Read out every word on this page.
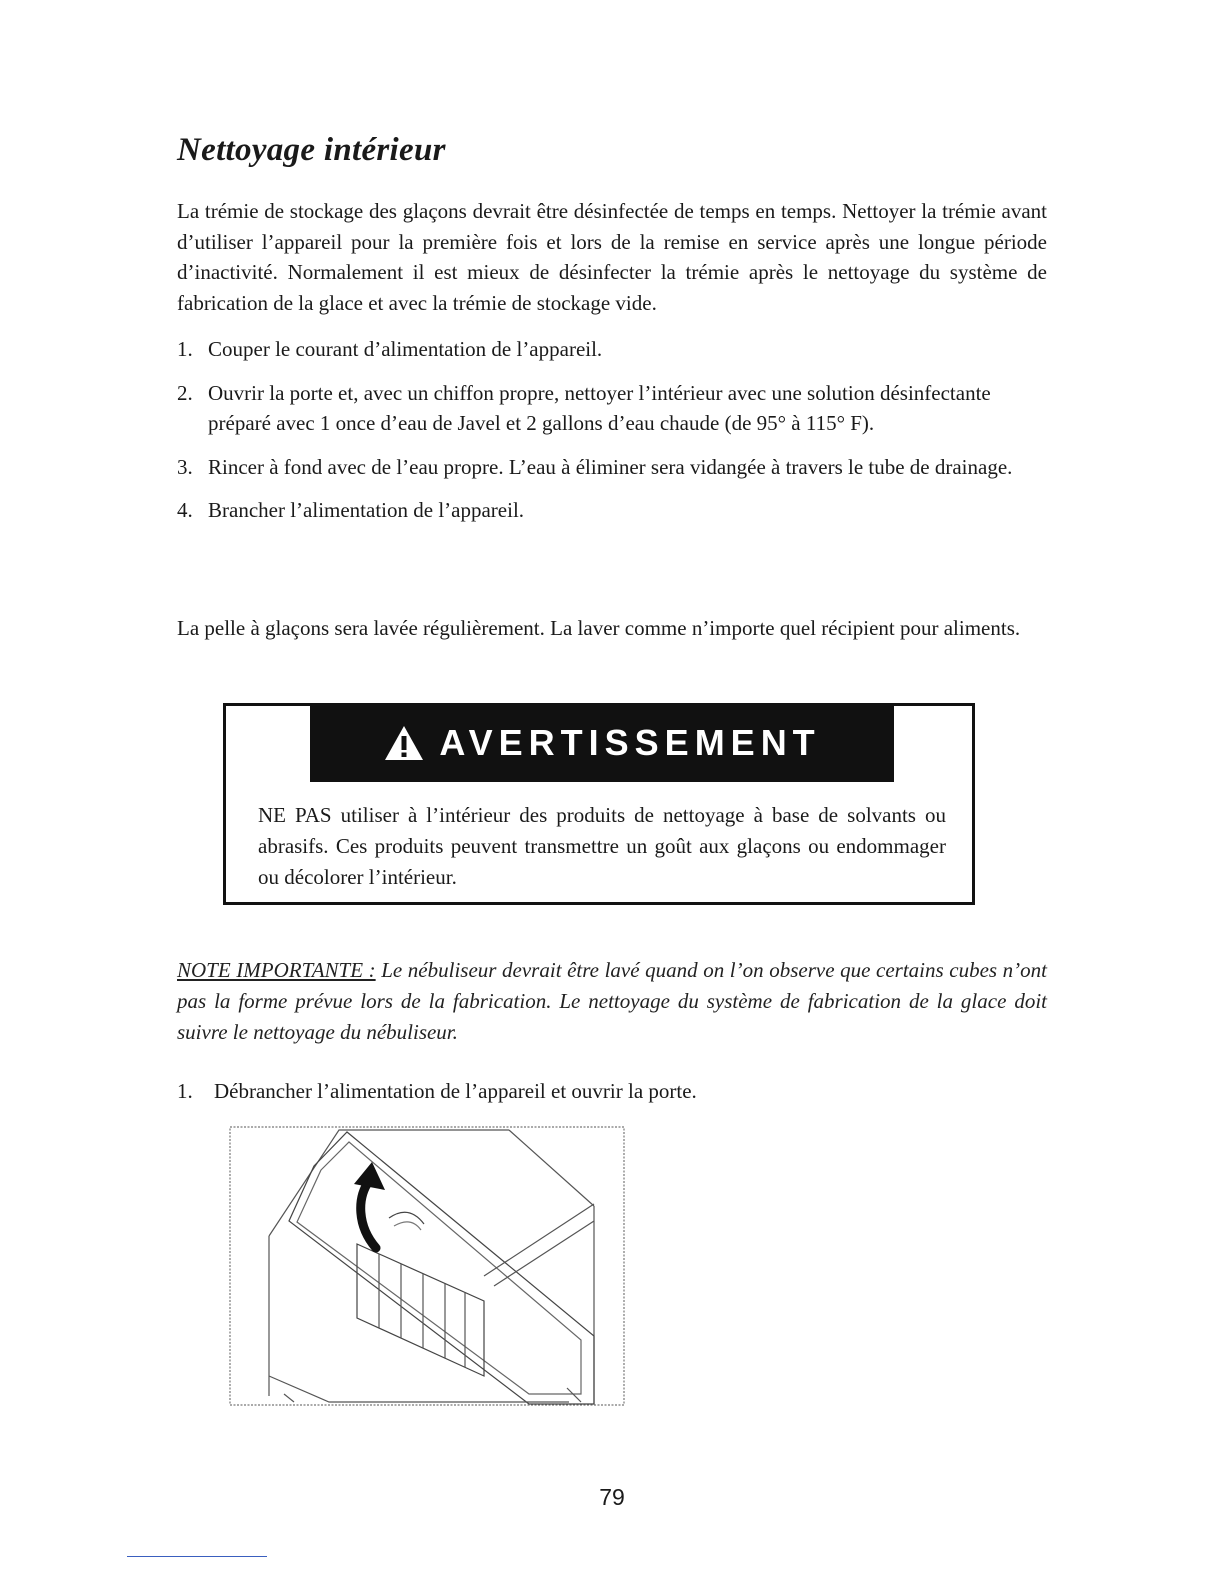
Nettoyage intérieur

La trémie de stockage des glaçons devrait être désinfectée de temps en temps. Nettoyer la trémie avant d’utiliser l’appareil pour la première fois et lors de la remise en service après une longue période d’inactivité. Normalement il est mieux de désinfecter la trémie après le nettoyage du système de fabrication de la glace et avec la trémie de stockage vide.

1. Couper le courant d’alimentation de l’appareil.
2. Ouvrir la porte et, avec un chiffon propre, nettoyer l’intérieur avec une solution désinfectante préparé avec 1 once d’eau de Javel et 2 gallons d’eau chaude (de 95° à 115° F).
3. Rincer à fond avec de l’eau propre. L’eau à éliminer sera vidangée à travers le tube de drainage.
4. Brancher l’alimentation de l’appareil.

La pelle à glaçons sera lavée régulièrement. La laver comme n’importe quel récipient pour aliments.

AVERTISSEMENT

NE PAS utiliser à l’intérieur des produits de nettoyage à base de solvants ou abrasifs. Ces produits peuvent transmettre un goût aux glaçons ou endommager ou décolorer l’intérieur.

NOTE IMPORTANTE : Le nébuliseur devrait être lavé quand on l’on observe que certains cubes n’ont pas la forme prévue lors de la fabrication. Le nettoyage du système de fabrication de la glace doit suivre le nettoyage du nébuliseur.

1. Débrancher l’alimentation de l’appareil et ouvrir la porte.

79
